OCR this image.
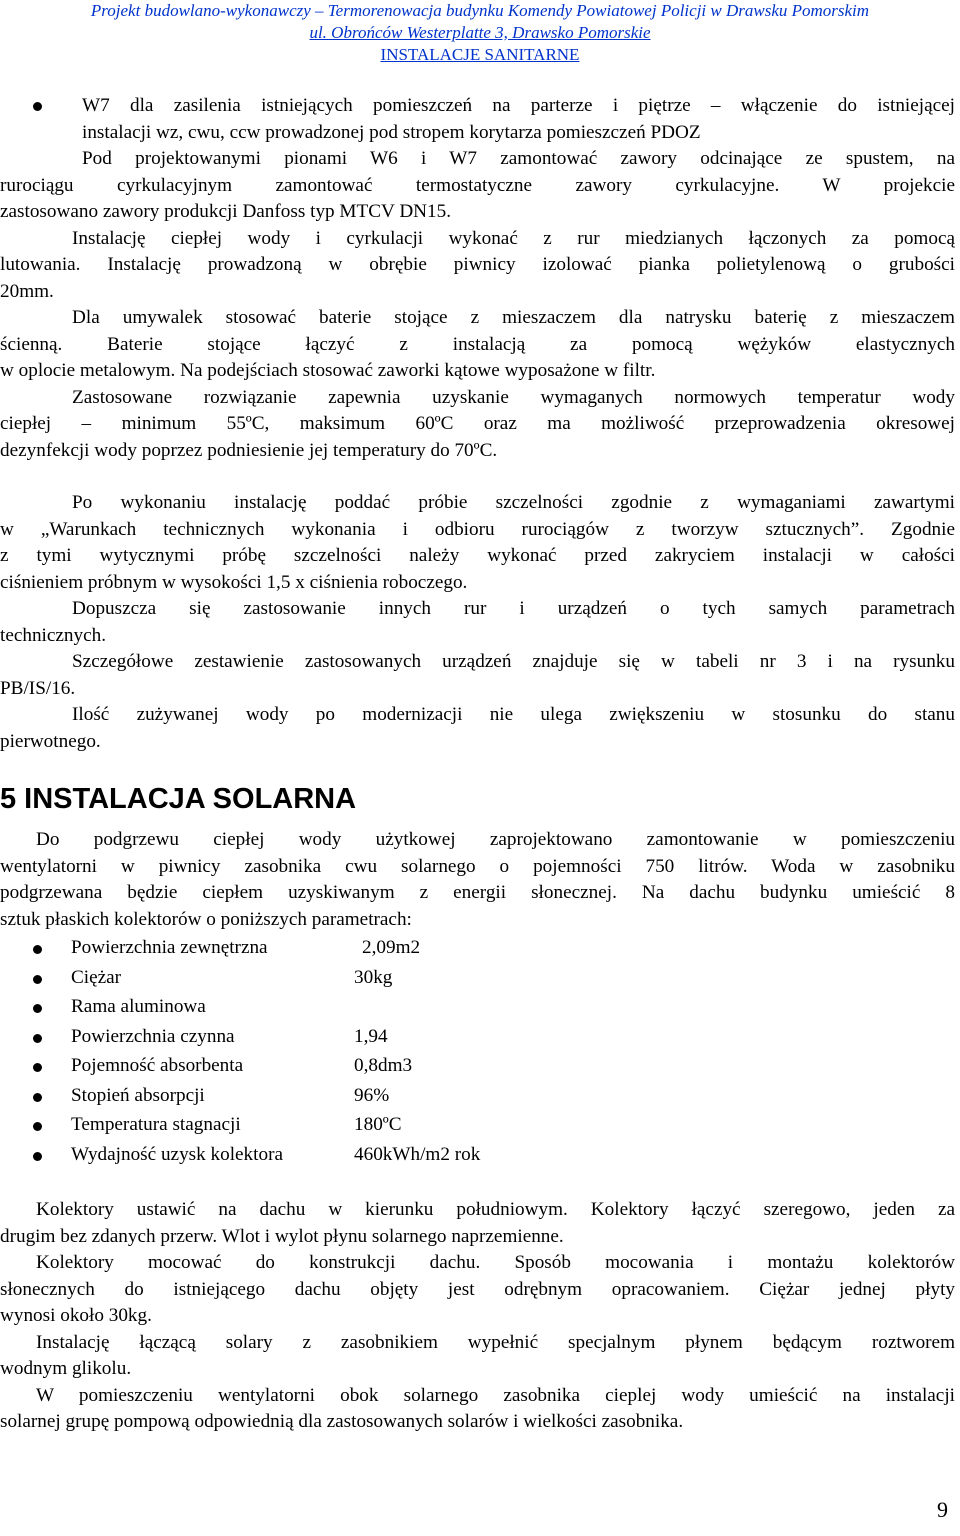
Projekt budowlano-wykonawczy – Termorenowacja budynku Komendy Powiatowej Policji w Drawsku Pomorskim
ul. Obrońców Westerplatte 3, Drawsko Pomorskie
INSTALACJE SANITARNE
W7 dla zasilenia istniejących pomieszczeń na parterze i piętrze – włączenie do istniejącej
instalacji wz, cwu, ccw prowadzonej pod stropem korytarza pomieszczeń PDOZ
Pod projektowanymi pionami W6 i W7 zamontować zawory odcinające ze spustem, na
rurociągu cyrkulacyjnym zamontować termostatyczne zawory cyrkulacyjne. W projekcie
zastosowano zawory produkcji Danfoss typ MTCV DN15.
Instalację ciepłej wody i cyrkulacji wykonać z rur miedzianych łączonych za pomocą
lutowania. Instalację prowadzoną w obrębie piwnicy izolować pianka polietylenową o grubości
20mm.
Dla umywalek stosować baterie stojące z mieszaczem dla natrysku baterię z mieszaczem
ścienną. Baterie stojące łączyć z instalacją za pomocą wężyków elastycznych
w oplocie metalowym. Na podejściach stosować zaworki kątowe wyposażone w filtr.
Zastosowane rozwiązanie zapewnia uzyskanie wymaganych normowych temperatur wody
ciepłej – minimum 55ºC, maksimum 60ºC oraz ma możliwość przeprowadzenia okresowej
dezynfekcji wody poprzez podniesienie jej temperatury do 70ºC.
Po wykonaniu instalację poddać próbie szczelności zgodnie z wymaganiami zawartymi
w „Warunkach technicznych wykonania i odbioru rurociągów z tworzyw sztucznych”. Zgodnie
z tymi wytycznymi próbę szczelności należy wykonać przed zakryciem instalacji w całości
ciśnieniem próbnym w wysokości 1,5 x ciśnienia roboczego.
Dopuszcza się zastosowanie innych rur i urządzeń o tych samych parametrach
technicznych.
Szczegółowe zestawienie zastosowanych urządzeń znajduje się w tabeli nr 3 i na rysunku
PB/IS/16.
Ilość zużywanej wody po modernizacji nie ulega zwiększeniu w stosunku do stanu
pierwotnego.
5 INSTALACJA SOLARNA
Do podgrzewu ciepłej wody użytkowej zaprojektowano zamontowanie w pomieszczeniu
wentylatorni w piwnicy zasobnika cwu solarnego o pojemności 750 litrów. Woda w zasobniku
podgrzewana będzie ciepłem uzyskiwanym z energii słonecznej. Na dachu budynku umieścić 8
sztuk płaskich kolektorów o poniższych parametrach:
Powierzchnia zewnętrzna	2,09m2
Ciężar	30kg
Rama aluminowa
Powierzchnia czynna	1,94
Pojemność absorbenta	0,8dm3
Stopień absorpcji	96%
Temperatura stagnacji	180ºC
Wydajność uzysk kolektora	460kWh/m2 rok
Kolektory ustawić na dachu w kierunku południowym. Kolektory łączyć szeregowo, jeden za
drugim bez zdanych przerw. Wlot i wylot płynu solarnego naprzemienne.
Kolektory mocować do konstrukcji dachu. Sposób mocowania i montażu kolektorów
słonecznych do istniejącego dachu objęty jest odrębnym opracowaniem. Ciężar jednej płyty
wynosi około 30kg.
Instalację łączącą solary z zasobnikiem wypełnić specjalnym płynem będącym roztworem
wodnym glikolu.
W pomieszczeniu wentylatorni obok solarnego zasobnika cieplej wody umieścić na instalacji
solarnej grupę pompową odpowiednią dla zastosowanych solarów i wielkości zasobnika.
9
